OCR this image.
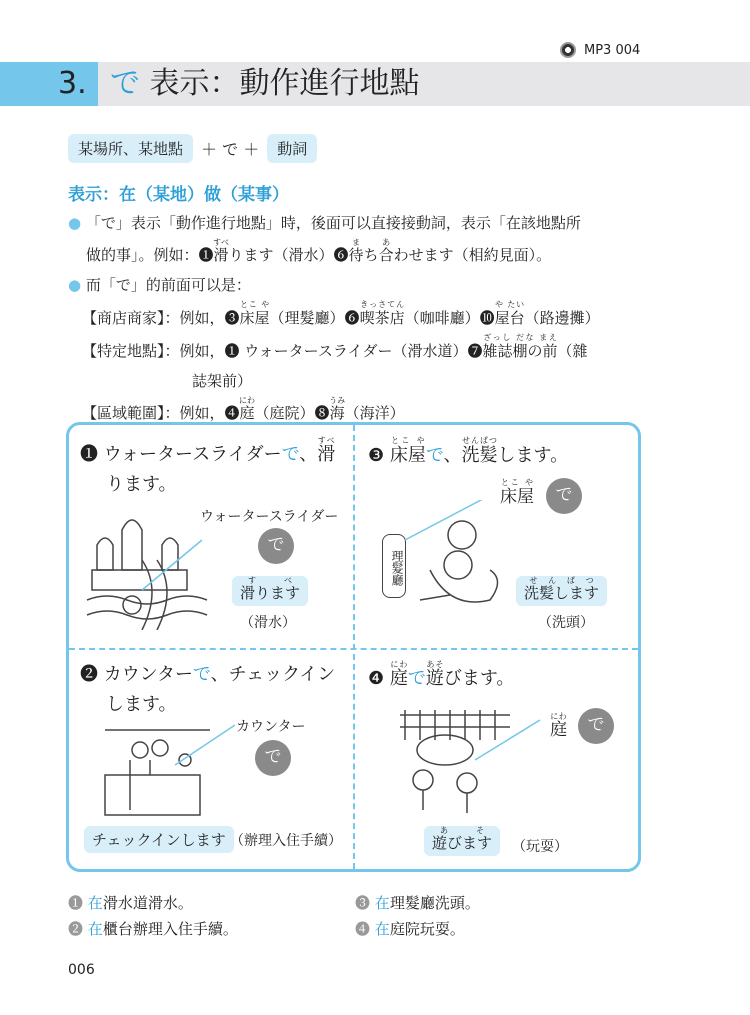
MP3 004
3. で 表示：動作進行地點
某場所、某地點	＋ で ＋	動詞
表示：在（某地）做（某事）
● 「で」表示「動作進行地點」時，後面可以直接接動詞，表示「在該地點所
做的事」。例如：❶滑すべります（滑水）❻待まち合あわせます（相約見面）。
● 而「で」的前面可以是：
【商店商家】：例如，❸床屋とこ や（理髮廳）❻喫茶店きっさてん（咖啡廳）❿屋台や たい（路邊攤）
【特定地點】：例如，❶ ウォータースライダー（滑水道）❼雑誌棚の前ざっし だな まえ（雜
誌架前）
【區域範圍】：例如，❹庭にわ（庭院）❽海うみ（海洋）
❶ ウォータースライダーで、滑すべ
ります。
ウォータースライダー
で
滑りますすべ
（滑水）
❸ 床屋とこ やで、洗髪せんぱつします。
床屋とこ や
で
理髮廳
洗髪しますせんぱつ
（洗頭）
❷ カウンターで、チェックイン
します。
カウンター
で
チェックインします （辦理入住手續）
❹ 庭にわで遊あそびます。
庭にわ	で
遊びますあそ
（玩耍）
❶ 在滑水道滑水。	❸ 在理髮廳洗頭。
❷ 在櫃台辦理入住手續。	❹ 在庭院玩耍。
006
